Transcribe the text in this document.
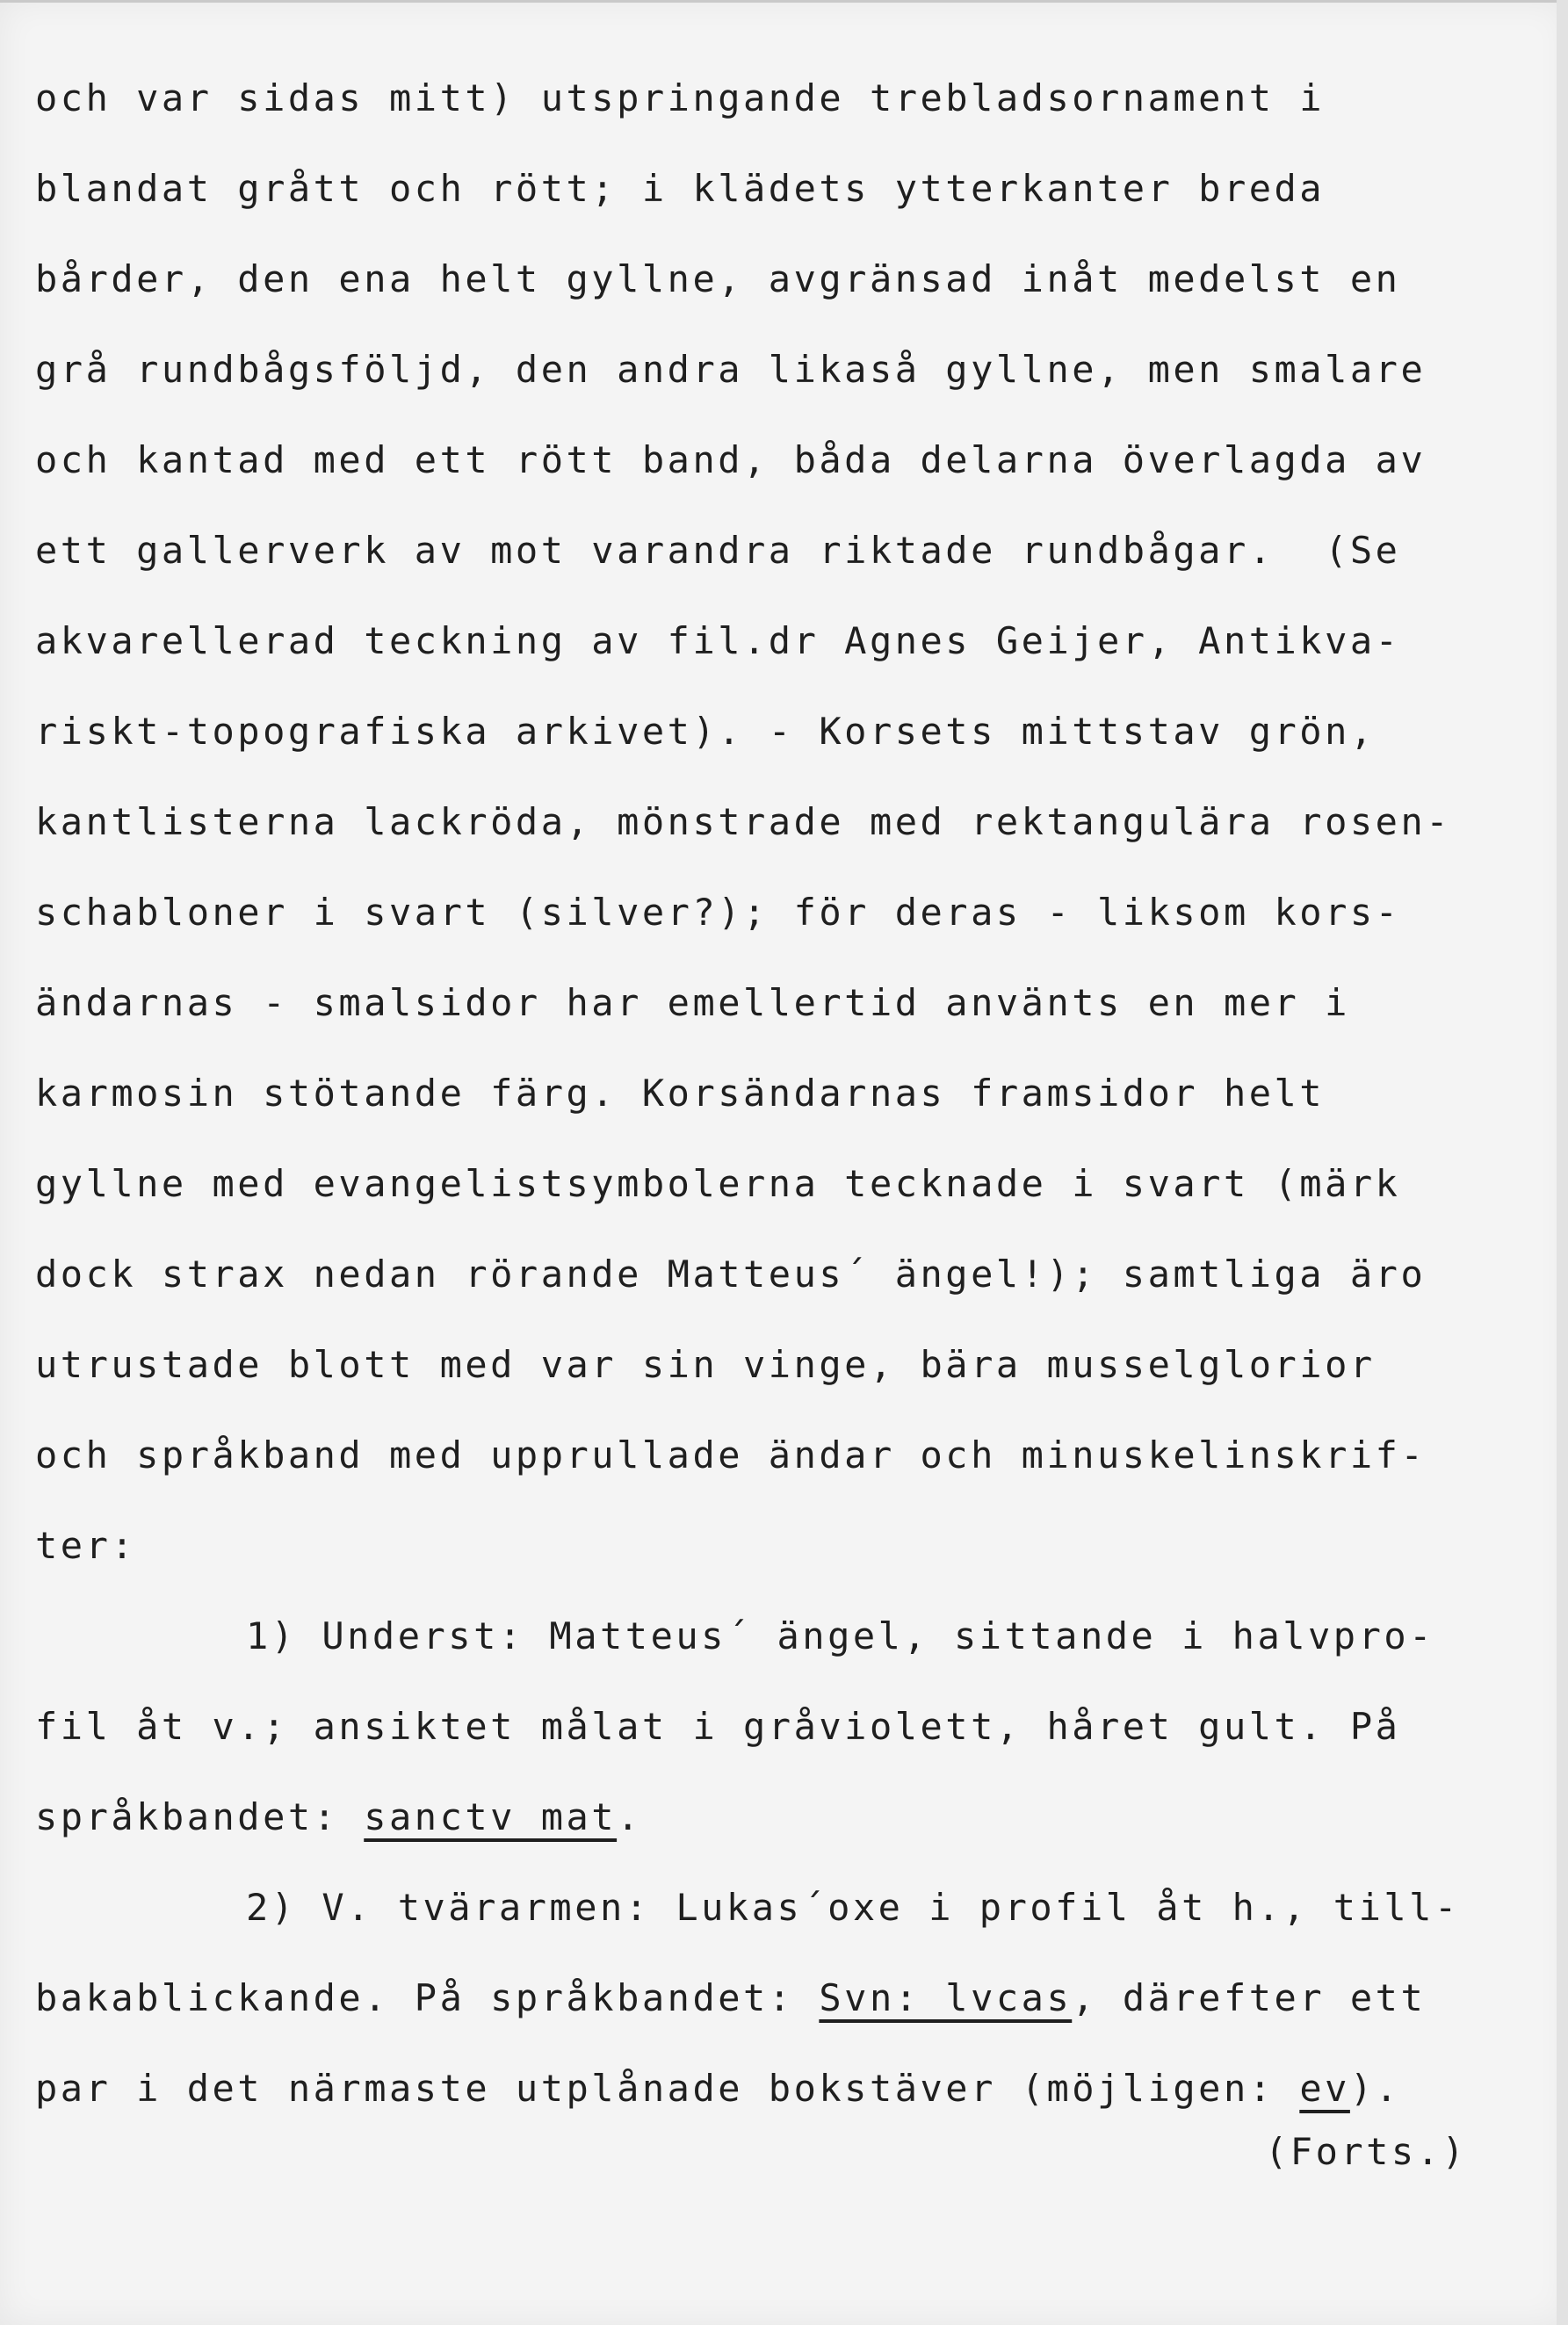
och var sidas mitt) utspringande trebladsornament i
blandat grått och rött; i klädets ytterkanter breda
bårder, den ena helt gyllne, avgränsad inåt medelst en
grå rundbågsföljd, den andra likaså gyllne, men smalare
och kantad med ett rött band, båda delarna överlagda av
ett gallerverk av mot varandra riktade rundbågar.  (Se
akvarellerad teckning av fil.dr Agnes Geijer, Antikva-
riskt-topografiska arkivet). - Korsets mittstav grön,
kantlisterna lackröda, mönstrade med rektangulära rosen-
schabloner i svart (silver?); för deras - liksom kors-
ändarnas - smalsidor har emellertid använts en mer i
karmosin stötande färg. Korsändarnas framsidor helt
gyllne med evangelistsymbolerna tecknade i svart (märk
dock strax nedan rörande Matteus´ ängel!); samtliga äro
utrustade blott med var sin vinge, bära musselglorior
och språkband med upprullade ändar och minuskelinskrif-
ter:
1) Underst: Matteus´ ängel, sittande i halvpro-
fil åt v.; ansiktet målat i gråviolett, håret gult. På
språkbandet: sanctv mat.
2) V. tvärarmen: Lukas´oxe i profil åt h., till-
bakablickande. På språkbandet: Svn: lvcas, därefter ett
par i det närmaste utplånade bokstäver (möjligen: ev).
(Forts.)
